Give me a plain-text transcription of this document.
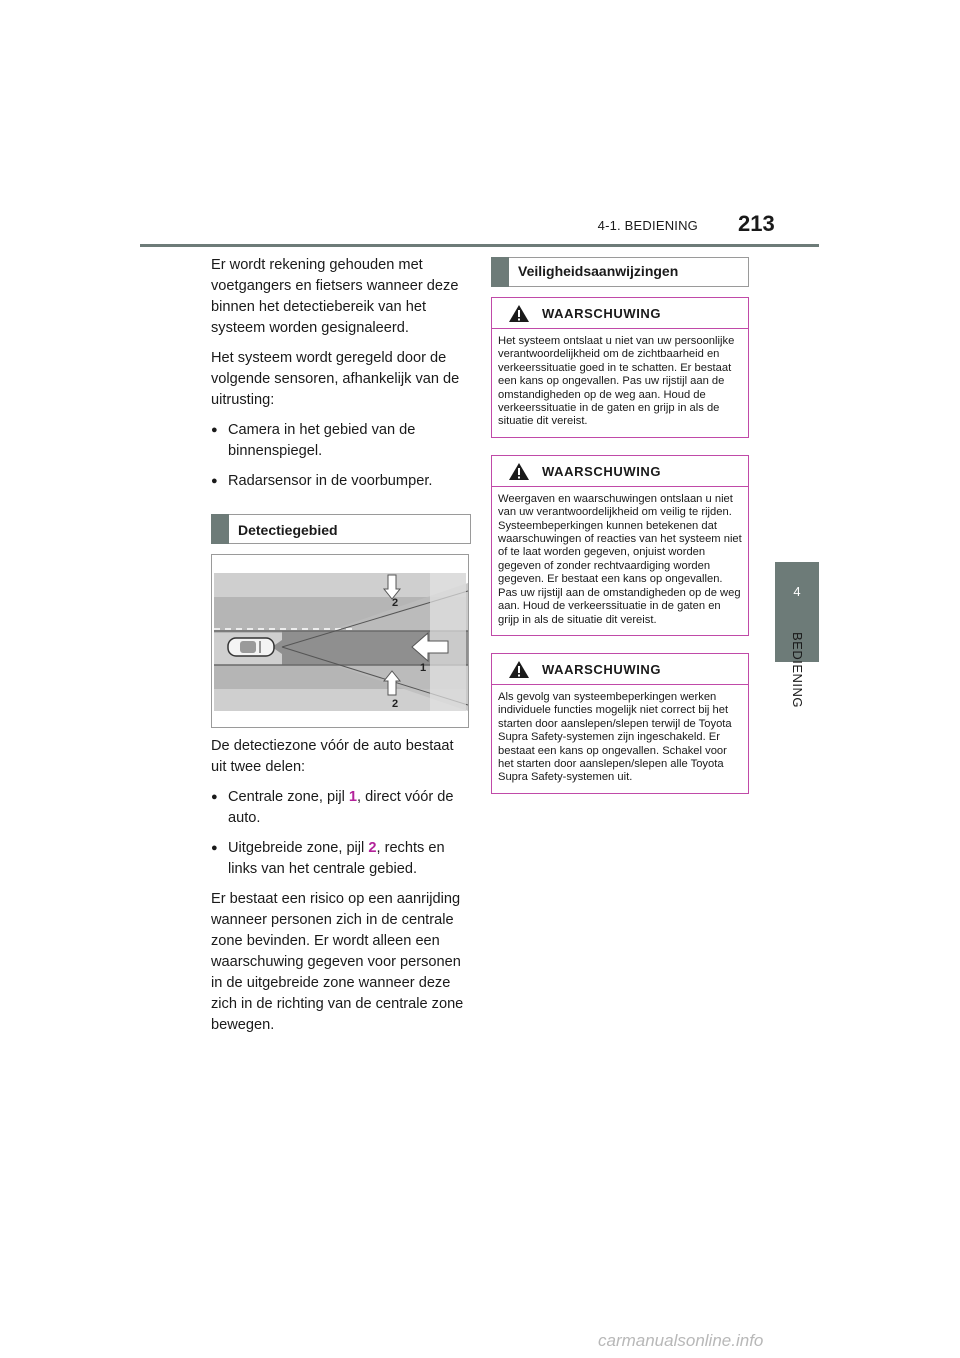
4-1. BEDIENING 213
4
BEDIENING

Er wordt rekening gehouden met voetgangers en fietsers wanneer deze binnen het detectiebereik van het systeem worden gesignaleerd.

Het systeem wordt geregeld door de volgende sensoren, afhankelijk van de uitrusting:

● Camera in het gebied van de binnenspiegel.
● Radarsensor in de voorbumper.
Detectiegebied
2
1
2

De detectiezone vóór de auto bestaat uit twee delen:

● Centrale zone, pijl 1, direct vóór de auto.
● Uitgebreide zone, pijl 2, rechts en links van het centrale gebied.

Er bestaat een risico op een aanrijding wanneer personen zich in de centrale zone bevinden. Er wordt alleen een waarschuwing gegeven voor personen in de uitgebreide zone wanneer deze zich in de richting van de centrale zone bewegen.

Veiligheidsaanwijzingen
WAARSCHUWING
Het systeem ontslaat u niet van uw persoonlijke verantwoordelijkheid om de zichtbaarheid en verkeerssituatie goed in te schatten. Er bestaat een kans op ongevallen. Pas uw rijstijl aan de omstandigheden op de weg aan. Houd de verkeerssituatie in de gaten en grijp in als de situatie dit vereist.
WAARSCHUWING
Weergaven en waarschuwingen ontslaan u niet van uw verantwoordelijkheid om veilig te rijden. Systeembeperkingen kunnen betekenen dat waarschuwingen of reacties van het systeem niet of te laat worden gegeven, onjuist worden gegeven of zonder rechtvaardiging worden gegeven. Er bestaat een kans op ongevallen. Pas uw rijstijl aan de omstandigheden op de weg aan. Houd de verkeerssituatie in de gaten en grijp in als de situatie dit vereist.
WAARSCHUWING
Als gevolg van systeembeperkingen werken individuele functies mogelijk niet correct bij het starten door aanslepen/slepen terwijl de Toyota Supra Safety-systemen zijn ingeschakeld. Er bestaat een kans op ongevallen. Schakel voor het starten door aanslepen/slepen alle Toyota Supra Safety-systemen uit.
carmanualsonline.info
